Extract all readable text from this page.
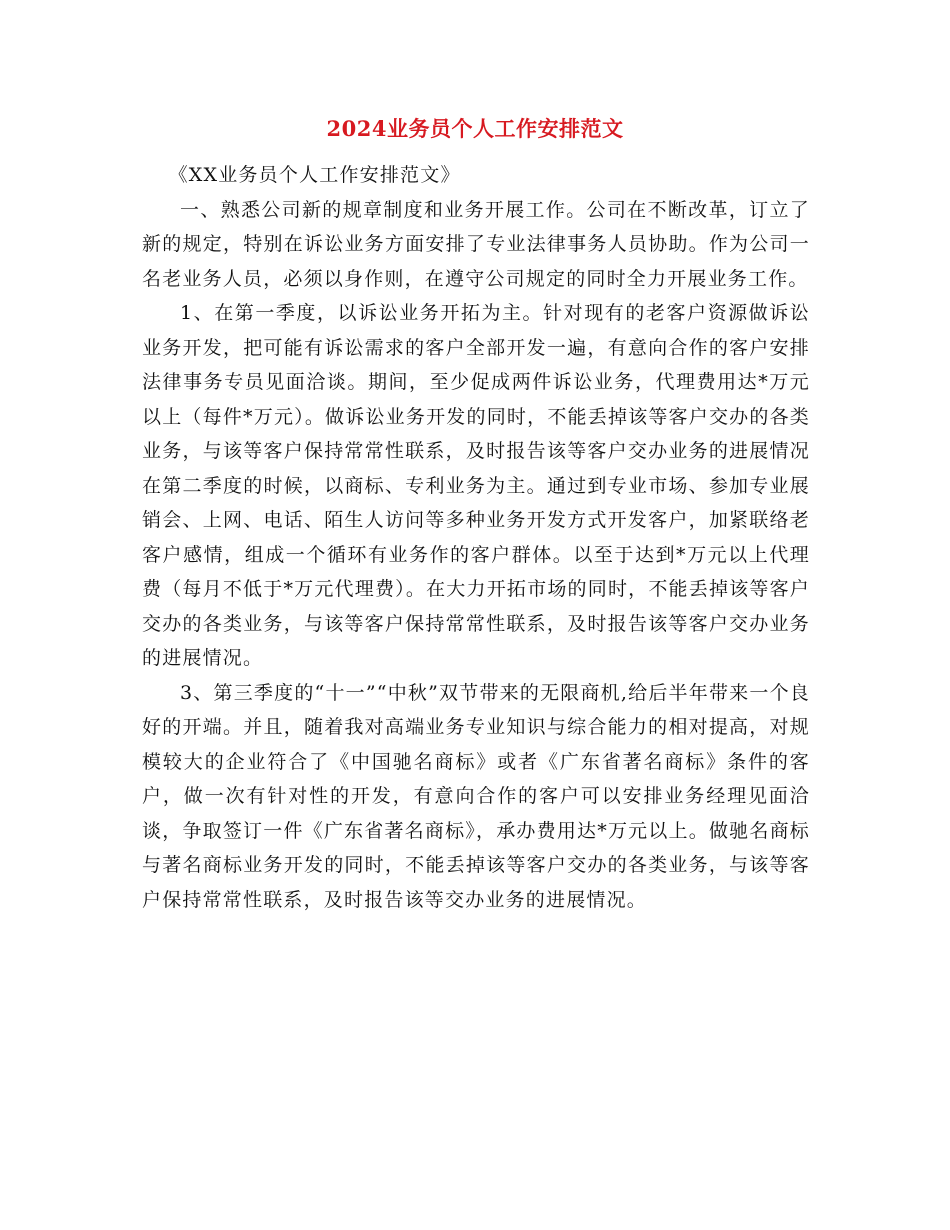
2024业务员个人工作安排范文

《XX业务员个人工作安排范文》

一、熟悉公司新的规章制度和业务开展工作。公司在不断改革，订立了新的规定，特别在诉讼业务方面安排了专业法律事务人员协助。作为公司一名老业务人员，必须以身作则，在遵守公司规定的同时全力开展业务工作。

1、在第一季度，以诉讼业务开拓为主。针对现有的老客户资源做诉讼业务开发，把可能有诉讼需求的客户全部开发一遍，有意向合作的客户安排法律事务专员见面洽谈。期间，至少促成两件诉讼业务，代理费用达*万元以上（每件*万元）。做诉讼业务开发的同时，不能丢掉该等客户交办的各类业务，与该等客户保持常常性联系，及时报告该等客户交办业务的进展情况在第二季度的时候，以商标、专利业务为主。通过到专业市场、参加专业展销会、上网、电话、陌生人访问等多种业务开发方式开发客户，加紧联络老客户感情，组成一个循环有业务作的客户群体。以至于达到*万元以上代理费（每月不低于*万元代理费）。在大力开拓市场的同时，不能丢掉该等客户交办的各类业务，与该等客户保持常常性联系，及时报告该等客户交办业务的进展情况。

3、第三季度的“十一”“中秋”双节带来的无限商机,给后半年带来一个良好的开端。并且，随着我对高端业务专业知识与综合能力的相对提高，对规模较大的企业符合了《中国驰名商标》或者《广东省著名商标》条件的客户，做一次有针对性的开发，有意向合作的客户可以安排业务经理见面洽谈，争取签订一件《广东省著名商标》，承办费用达*万元以上。做驰名商标与著名商标业务开发的同时，不能丢掉该等客户交办的各类业务，与该等客户保持常常性联系，及时报告该等交办业务的进展情况。
